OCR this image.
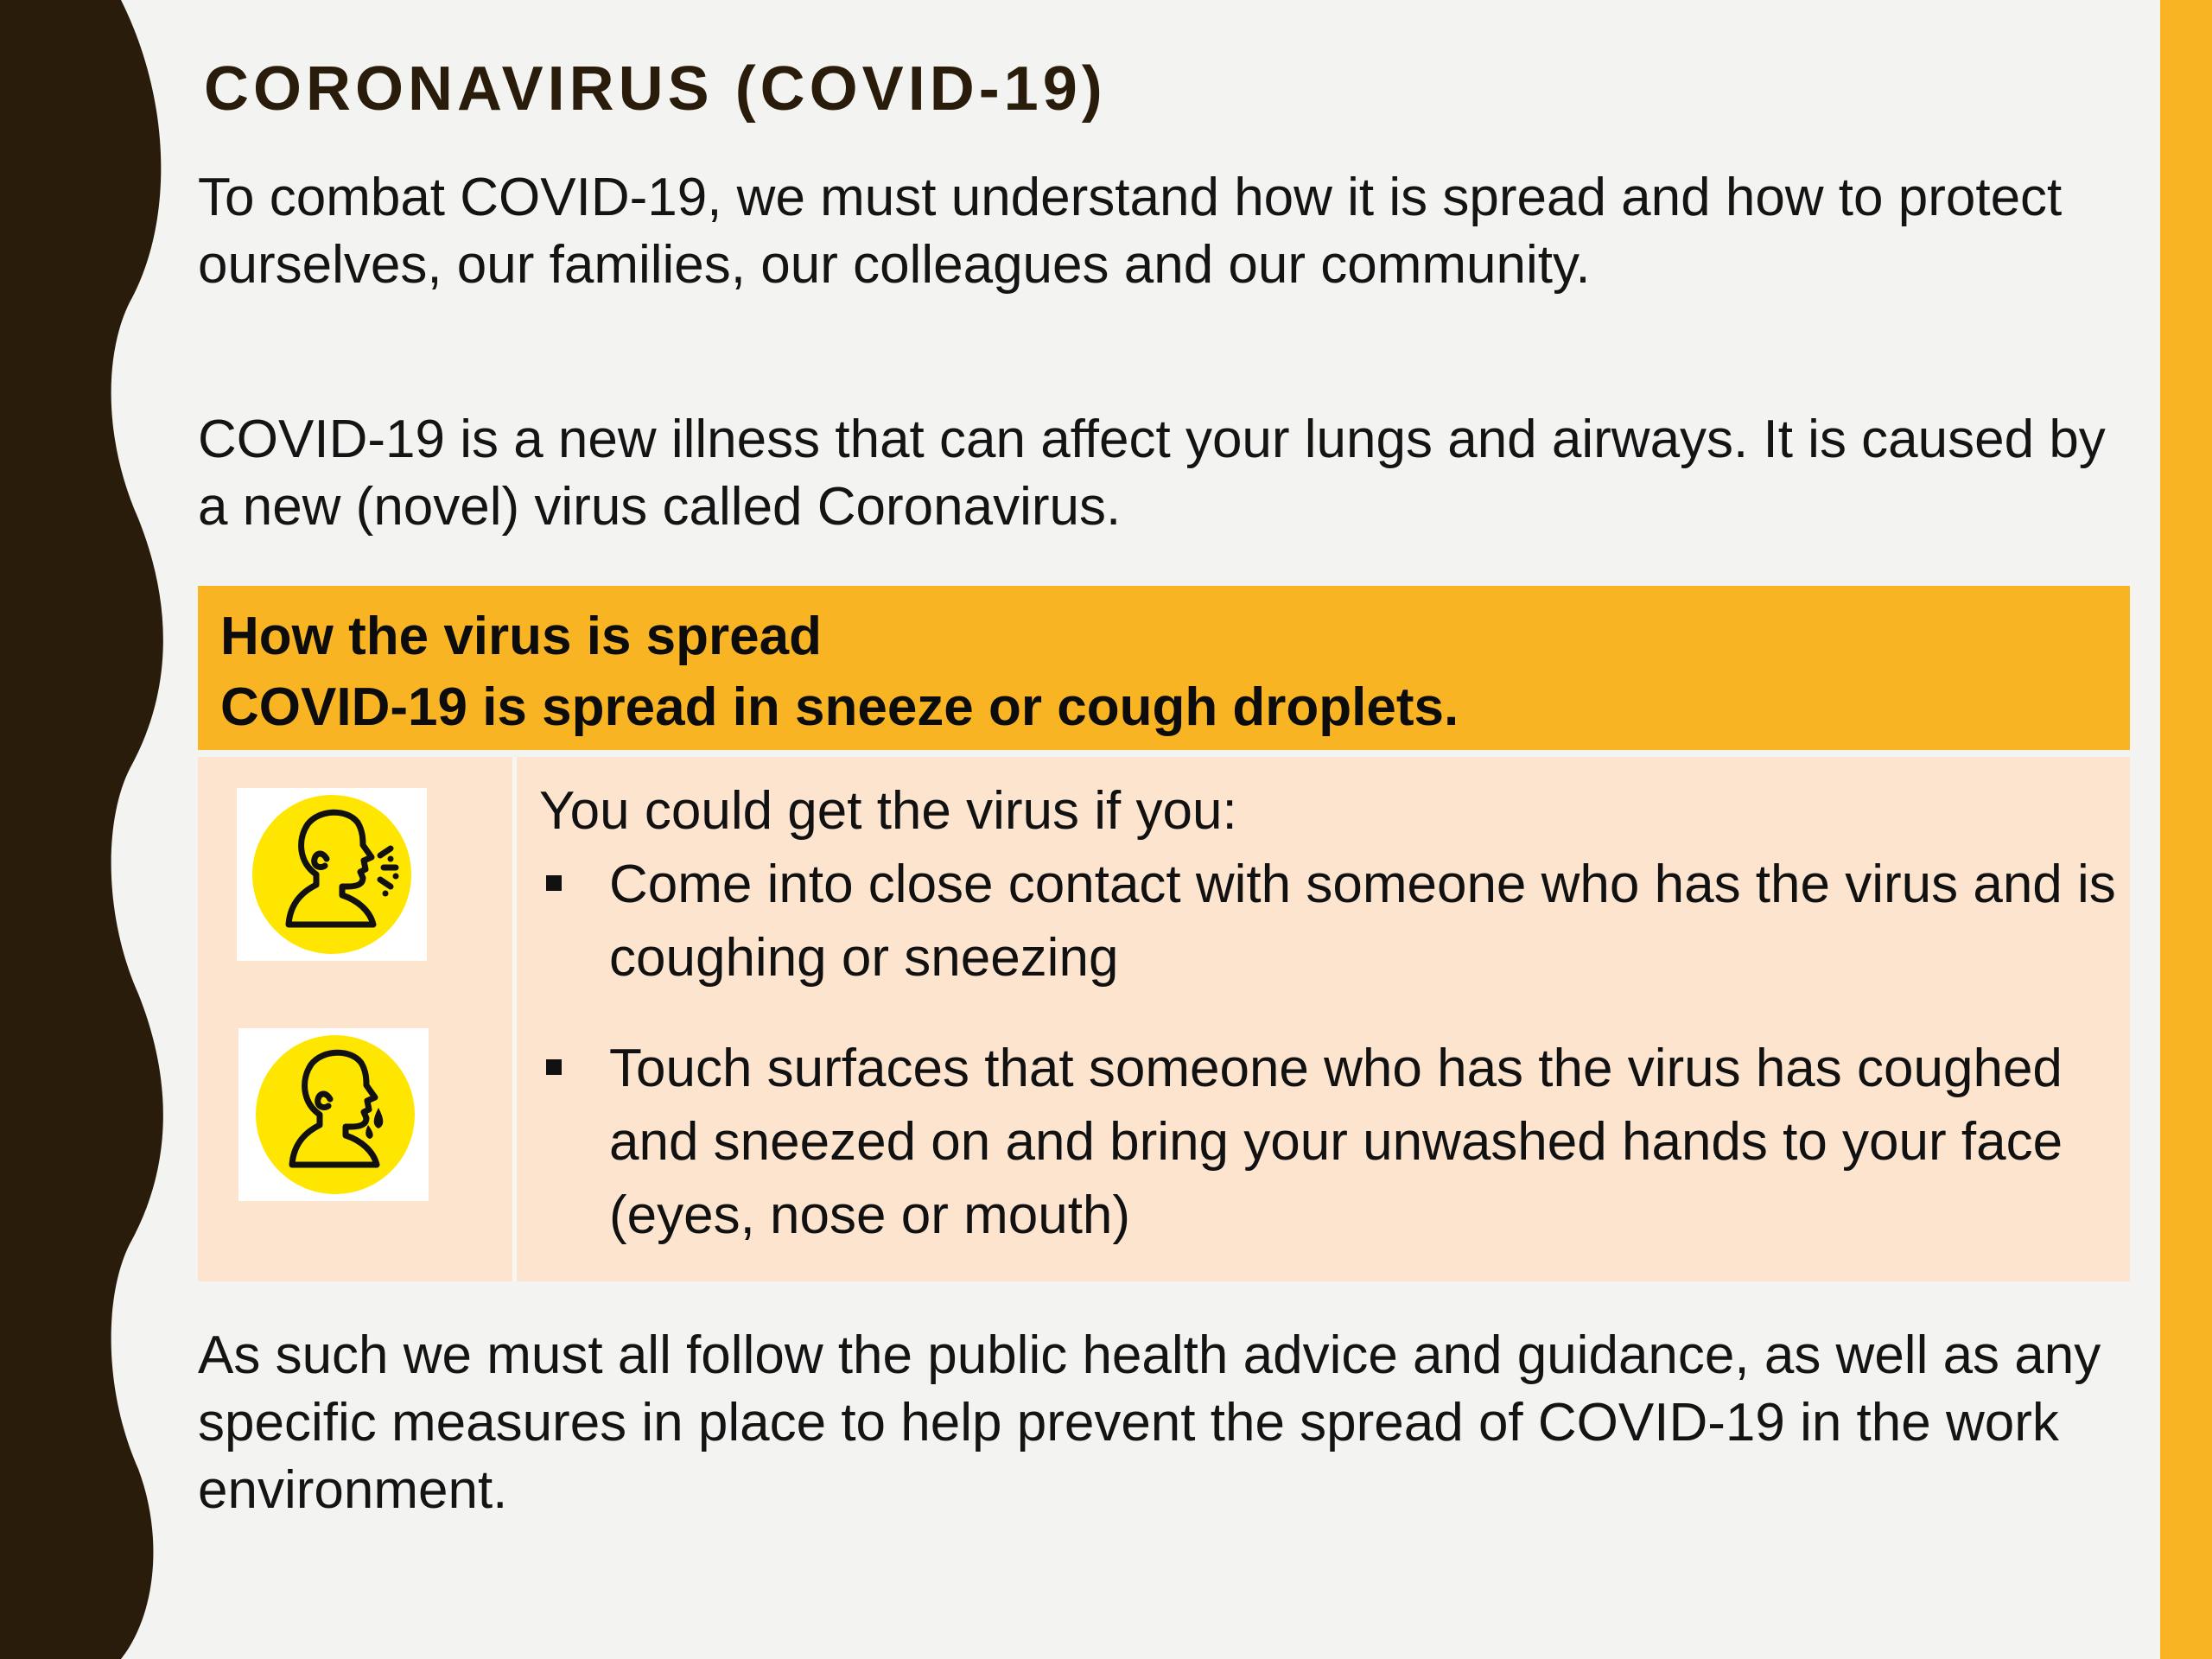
CORONAVIRUS (COVID-19)

To combat COVID-19, we must understand how it is spread and how to protect ourselves, our families, our colleagues and our community.

COVID-19 is a new illness that can affect your lungs and airways. It is caused by a new (novel) virus called Coronavirus.

How the virus is spread
COVID-19 is spread in sneeze or cough droplets.

You could get the virus if you:

Come into close contact with someone who has the virus and is coughing or sneezing
Touch surfaces that someone who has the virus has coughed and sneezed on and bring your unwashed hands to your face (eyes, nose or mouth)

As such we must all follow the public health advice and guidance, as well as any specific measures in place to help prevent the spread of COVID-19 in the work environment.
